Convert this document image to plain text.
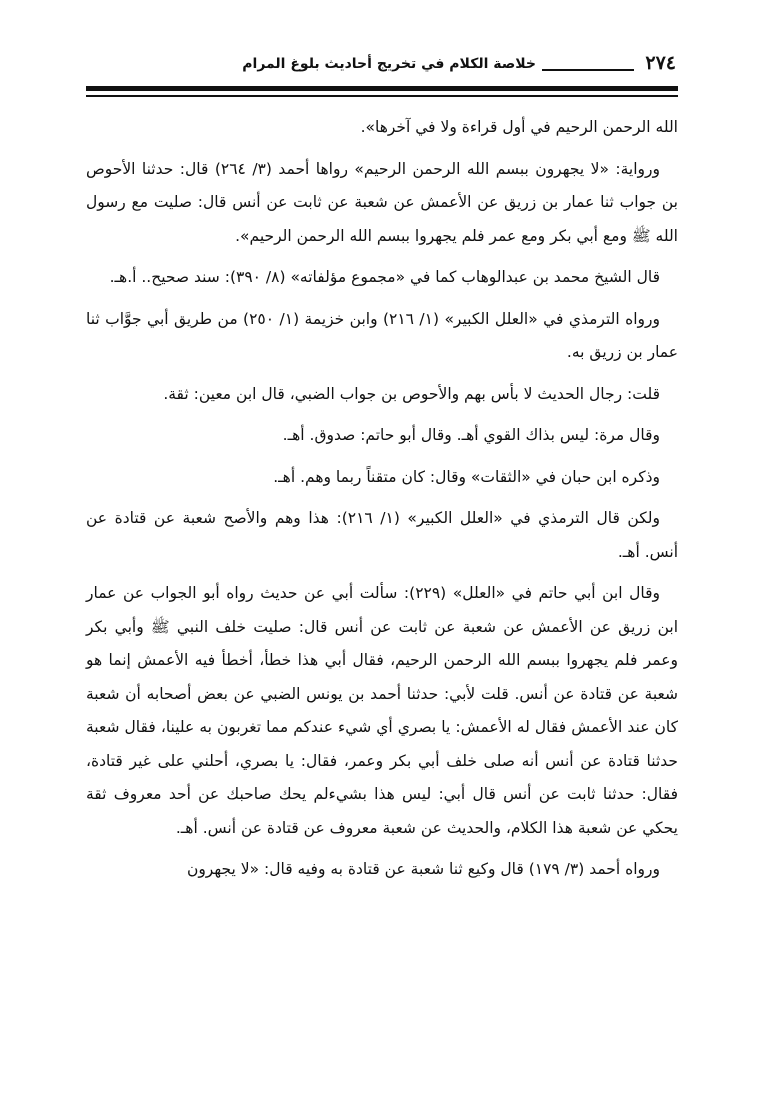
٢٧٤
خلاصة الكلام في تخريج أحاديث بلوغ المرام

الله الرحمن الرحيم في أول قراءة ولا في آخرها».

ورواية: «لا يجهرون ببسم الله الرحمن الرحيم» رواها أحمد (٣/ ٢٦٤) قال: حدثنا الأحوص بن جواب ثنا عمار بن زريق عن الأعمش عن شعبة عن ثابت عن أنس قال: صليت مع رسول الله ﷺ ومع أبي بكر ومع عمر فلم يجهروا ببسم الله الرحمن الرحيم».

قال الشيخ محمد بن عبدالوهاب كما في «مجموع مؤلفاته» (٨/ ٣٩٠): سند صحيح.. أ.هـ.

ورواه الترمذي في «العلل الكبير» (١/ ٢١٦) وابن خزيمة (١/ ٢٥٠) من طريق أبي جوَّاب ثنا عمار بن زريق به.

قلت: رجال الحديث لا بأس بهم والأحوص بن جواب الضبي، قال ابن معين: ثقة.

وقال مرة: ليس بذاك القوي أهـ. وقال أبو حاتم: صدوق. أهـ.

وذكره ابن حبان في «الثقات» وقال: كان متقناً ربما وهم. أهـ.

ولكن قال الترمذي في «العلل الكبير» (١/ ٢١٦): هذا وهم والأصح شعبة عن قتادة عن أنس. أهـ.

وقال ابن أبي حاتم في «العلل» (٢٢٩): سألت أبي عن حديث رواه أبو الجواب عن عمار ابن زريق عن الأعمش عن شعبة عن ثابت عن أنس قال: صليت خلف النبي ﷺ وأبي بكر وعمر فلم يجهروا ببسم الله الرحمن الرحيم، فقال أبي هذا خطأ، أخطأ فيه الأعمش إنما هو شعبة عن قتادة عن أنس. قلت لأبي: حدثنا أحمد بن يونس الضبي عن بعض أصحابه أن شعبة كان عند الأعمش فقال له الأعمش: يا بصري أي شيء عندكم مما تغربون به علينا، فقال شعبة حدثنا قتادة عن أنس أنه صلى خلف أبي بكر وعمر، فقال: يا بصري، أحلني على غير قتادة، فقال: حدثنا ثابت عن أنس قال أبي: ليس هذا بشيءلم يحك صاحبك عن أحد معروف ثقة يحكي عن شعبة هذا الكلام، والحديث عن شعبة معروف عن قتادة عن أنس. أهـ.

ورواه أحمد (٣/ ١٧٩) قال وكيع ثنا شعبة عن قتادة به وفيه قال: «لا يجهرون
